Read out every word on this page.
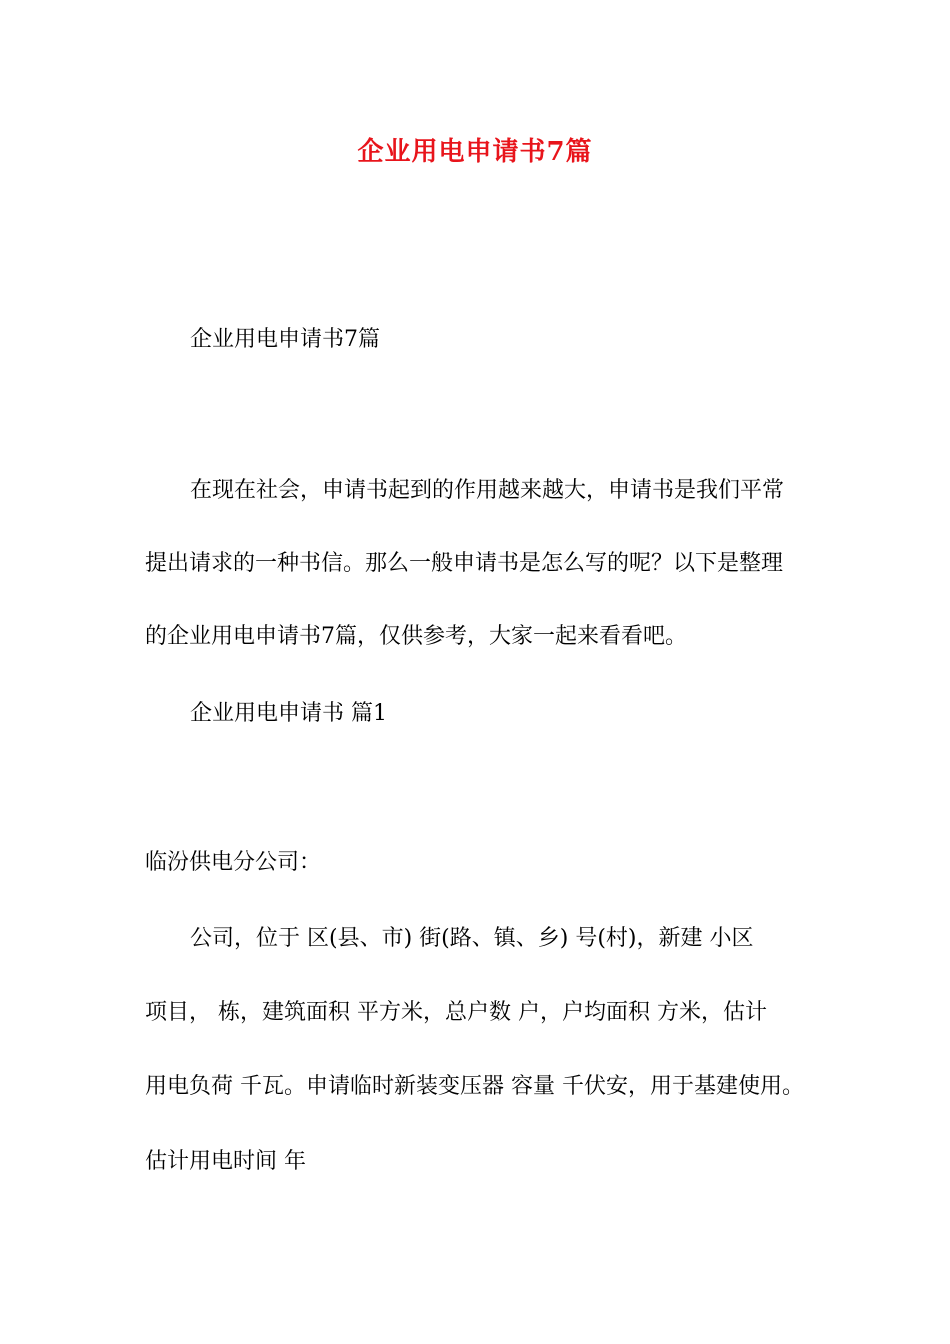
企业用电申请书7篇

企业用电申请书7篇

在现在社会，申请书起到的作用越来越大，申请书是我们平常

提出请求的一种书信。那么一般申请书是怎么写的呢？以下是整理

的企业用电申请书7篇，仅供参考，大家一起来看看吧。

企业用电申请书 篇1

临汾供电分公司：

公司，位于 区(县、市) 街(路、镇、乡) 号(村)，新建 小区

项目， 栋，建筑面积 平方米，总户数 户，户均面积 方米，估计

用电负荷 千瓦。申请临时新装变压器 容量 千伏安，用于基建使用。

估计用电时间 年
